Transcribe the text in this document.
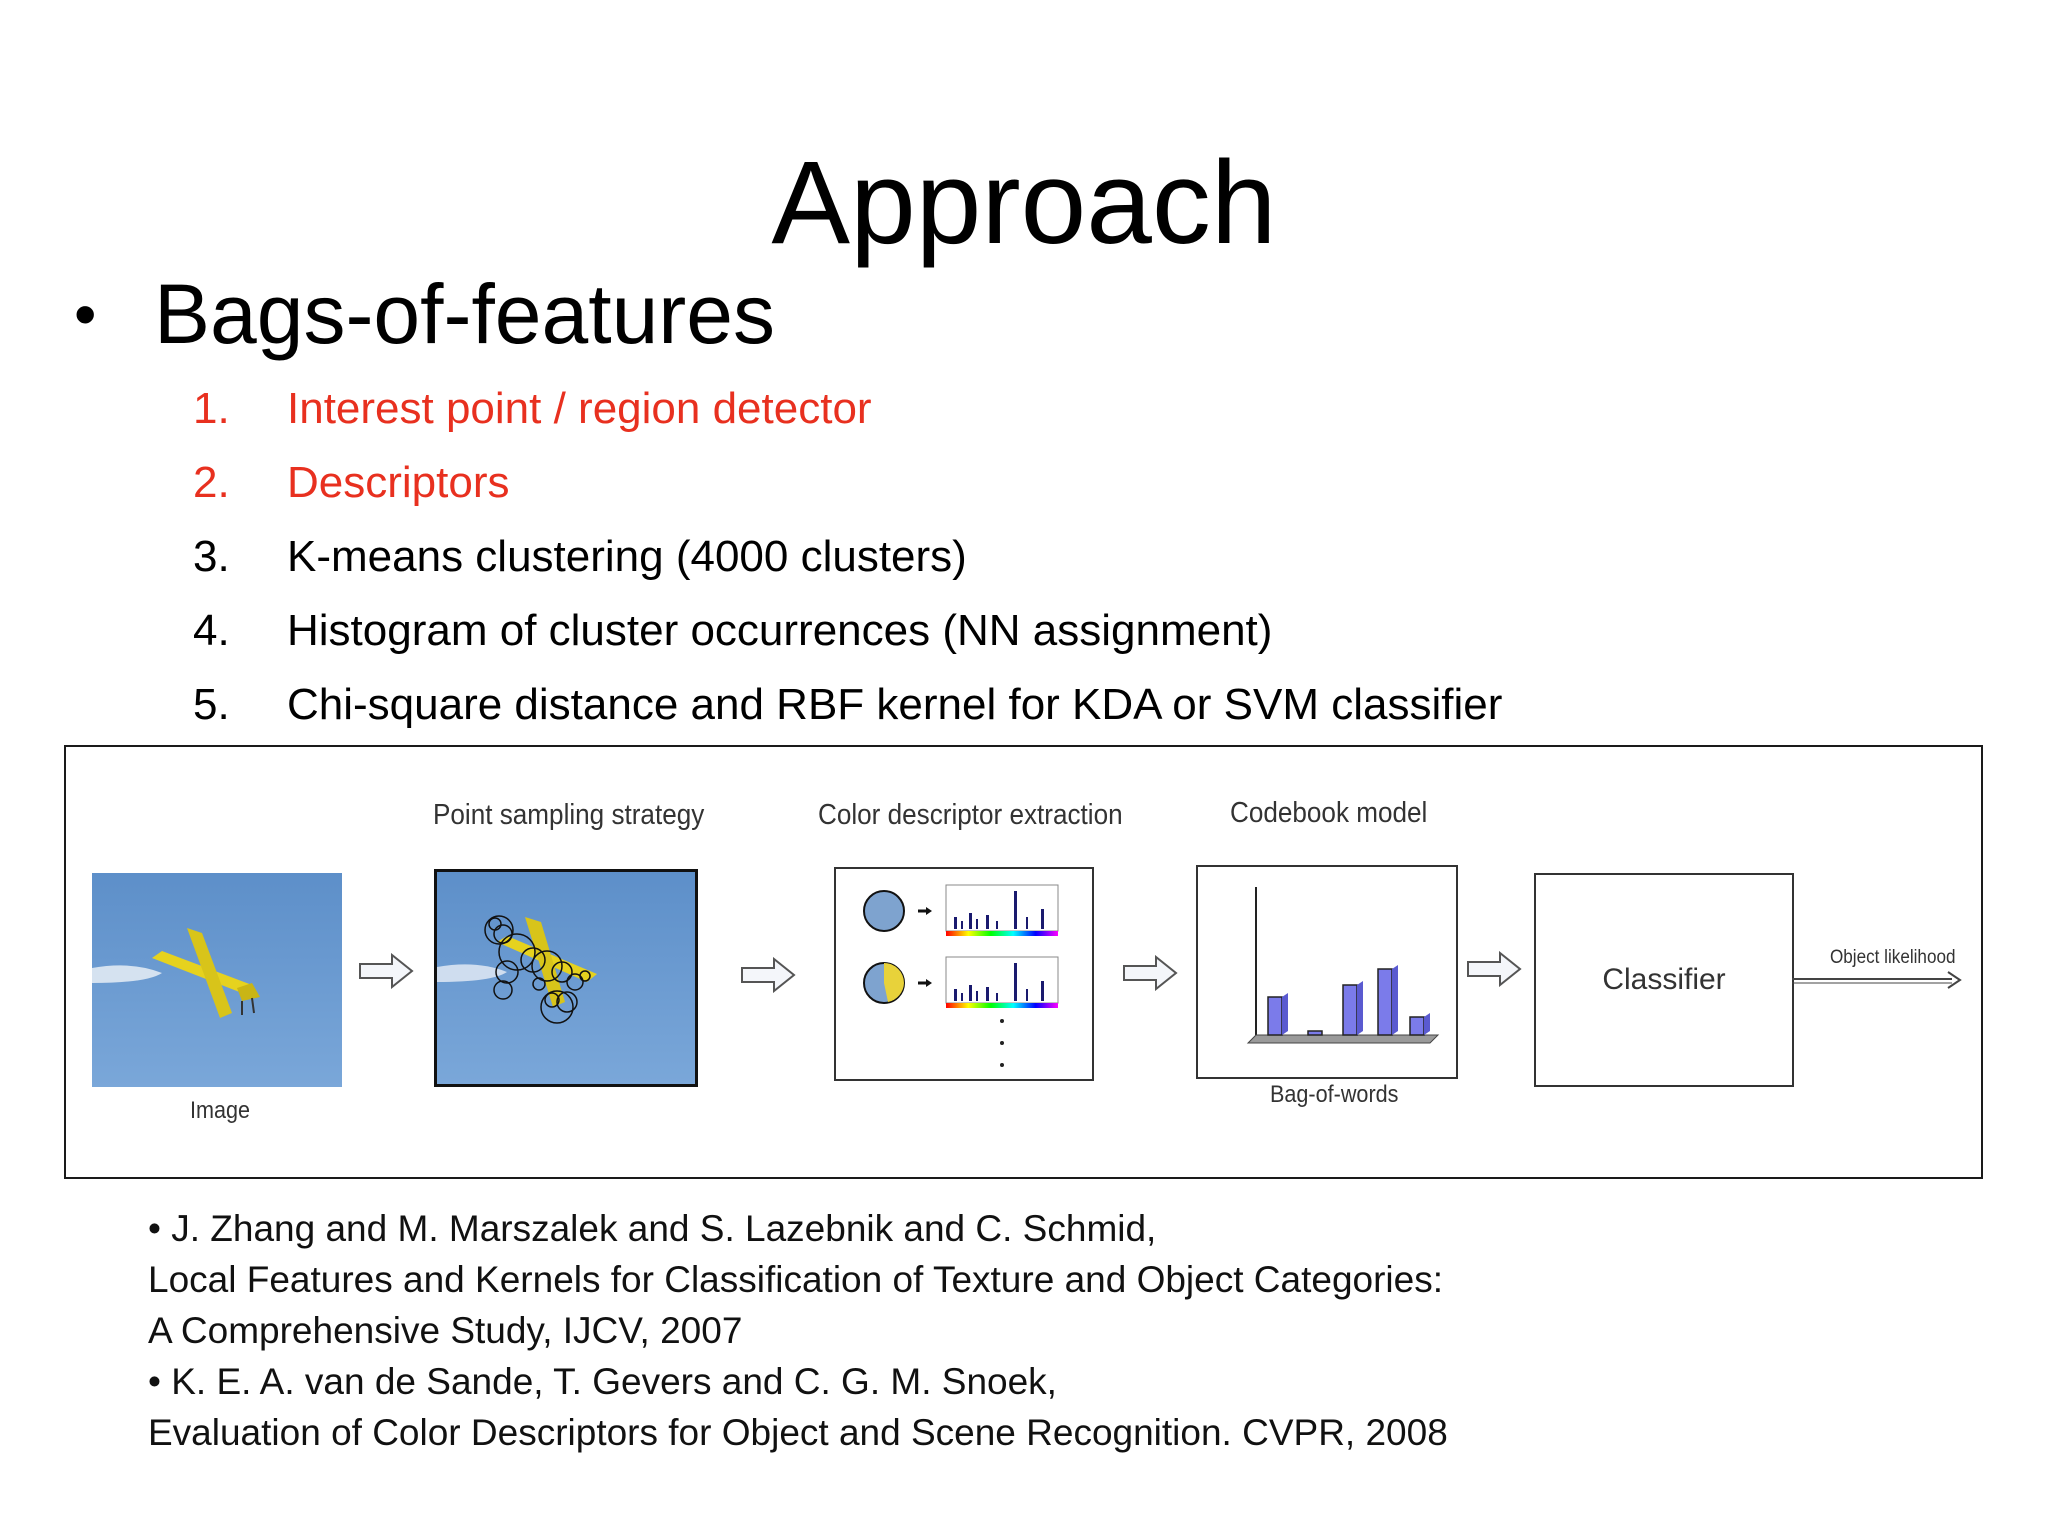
Approach
• Bags-of-features
1.	Interest point / region detector
2.	Descriptors
3.	K-means clustering (4000 clusters)
4.	Histogram of cluster occurrences (NN assignment)
5.	Chi-square distance and RBF kernel for KDA or SVM classifier
Point sampling strategy	Color descriptor extraction	Codebook model
Image
Bag-of-words
Classifier
Object likelihood
• J. Zhang and M. Marszalek and S. Lazebnik and C. Schmid,
Local Features and Kernels for Classification of Texture and Object Categories:
A Comprehensive Study, IJCV, 2007
• K. E. A. van de Sande, T. Gevers and C. G. M. Snoek,
Evaluation of Color Descriptors for Object and Scene Recognition. CVPR, 2008
